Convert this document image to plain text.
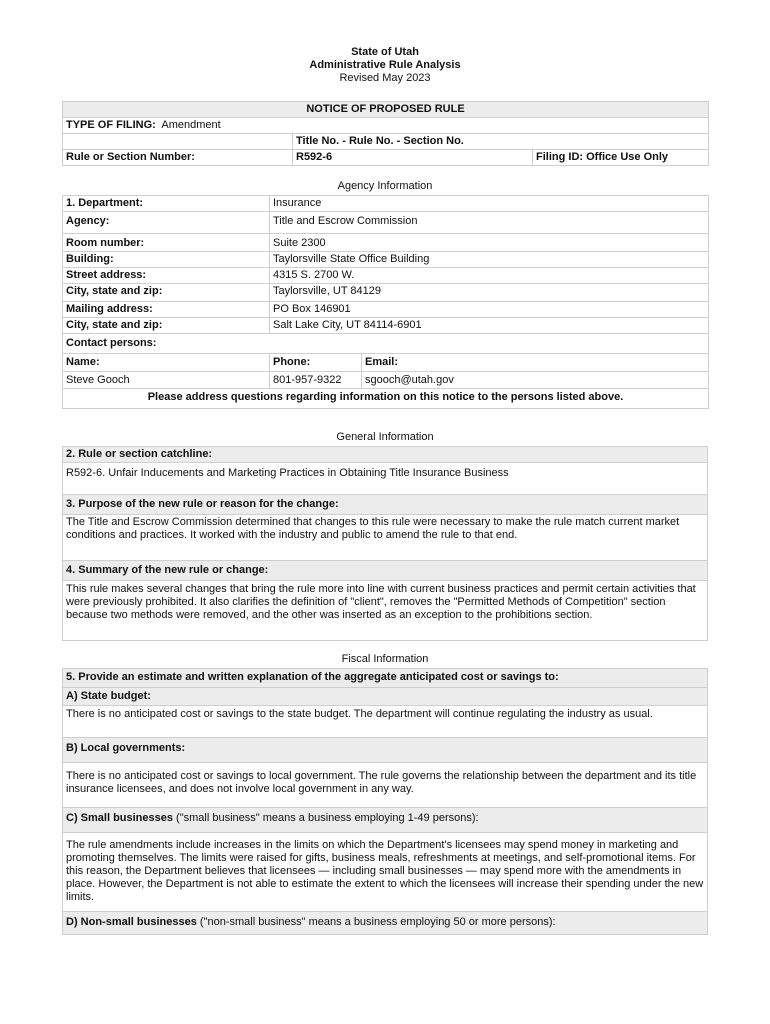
State of Utah
Administrative Rule Analysis
Revised May 2023
NOTICE OF PROPOSED RULE		
TYPE OF FILING: Amendment		
	Title No. - Rule No. - Section No.	
Rule or Section Number:	R592-6	Filing ID: Office Use Only
Agency Information
1. Department:	Insurance	
Agency:	Title and Escrow Commission	
Room number:	Suite 2300	
Building:	Taylorsville State Office Building	
Street address:	4315 S. 2700 W.	
City, state and zip:	Taylorsville, UT 84129	
Mailing address:	PO Box 146901	
City, state and zip:	Salt Lake City, UT 84114-6901	
Contact persons:		
Name:	Phone:	Email:
Steve Gooch	801-957-9322	sgooch@utah.gov
Please address questions regarding information on this notice to the persons listed above.		
General Information
2. Rule or section catchline:
R592-6. Unfair Inducements and Marketing Practices in Obtaining Title Insurance Business
3. Purpose of the new rule or reason for the change:
The Title and Escrow Commission determined that changes to this rule were necessary to make the rule match current market conditions and practices. It worked with the industry and public to amend the rule to that end.
4. Summary of the new rule or change:
This rule makes several changes that bring the rule more into line with current business practices and permit certain activities that were previously prohibited. It also clarifies the definition of "client", removes the "Permitted Methods of Competition" section because two methods were removed, and the other was inserted as an exception to the prohibitions section.
Fiscal Information
5. Provide an estimate and written explanation of the aggregate anticipated cost or savings to:
A) State budget:
There is no anticipated cost or savings to the state budget. The department will continue regulating the industry as usual.
B) Local governments:
There is no anticipated cost or savings to local government. The rule governs the relationship between the department and its title insurance licensees, and does not involve local government in any way.
C) Small businesses ("small business" means a business employing 1-49 persons):
The rule amendments include increases in the limits on which the Department's licensees may spend money in marketing and promoting themselves. The limits were raised for gifts, business meals, refreshments at meetings, and self-promotional items. For this reason, the Department believes that licensees — including small businesses — may spend more with the amendments in place. However, the Department is not able to estimate the extent to which the licensees will increase their spending under the new limits.
D) Non-small businesses ("non-small business" means a business employing 50 or more persons):
